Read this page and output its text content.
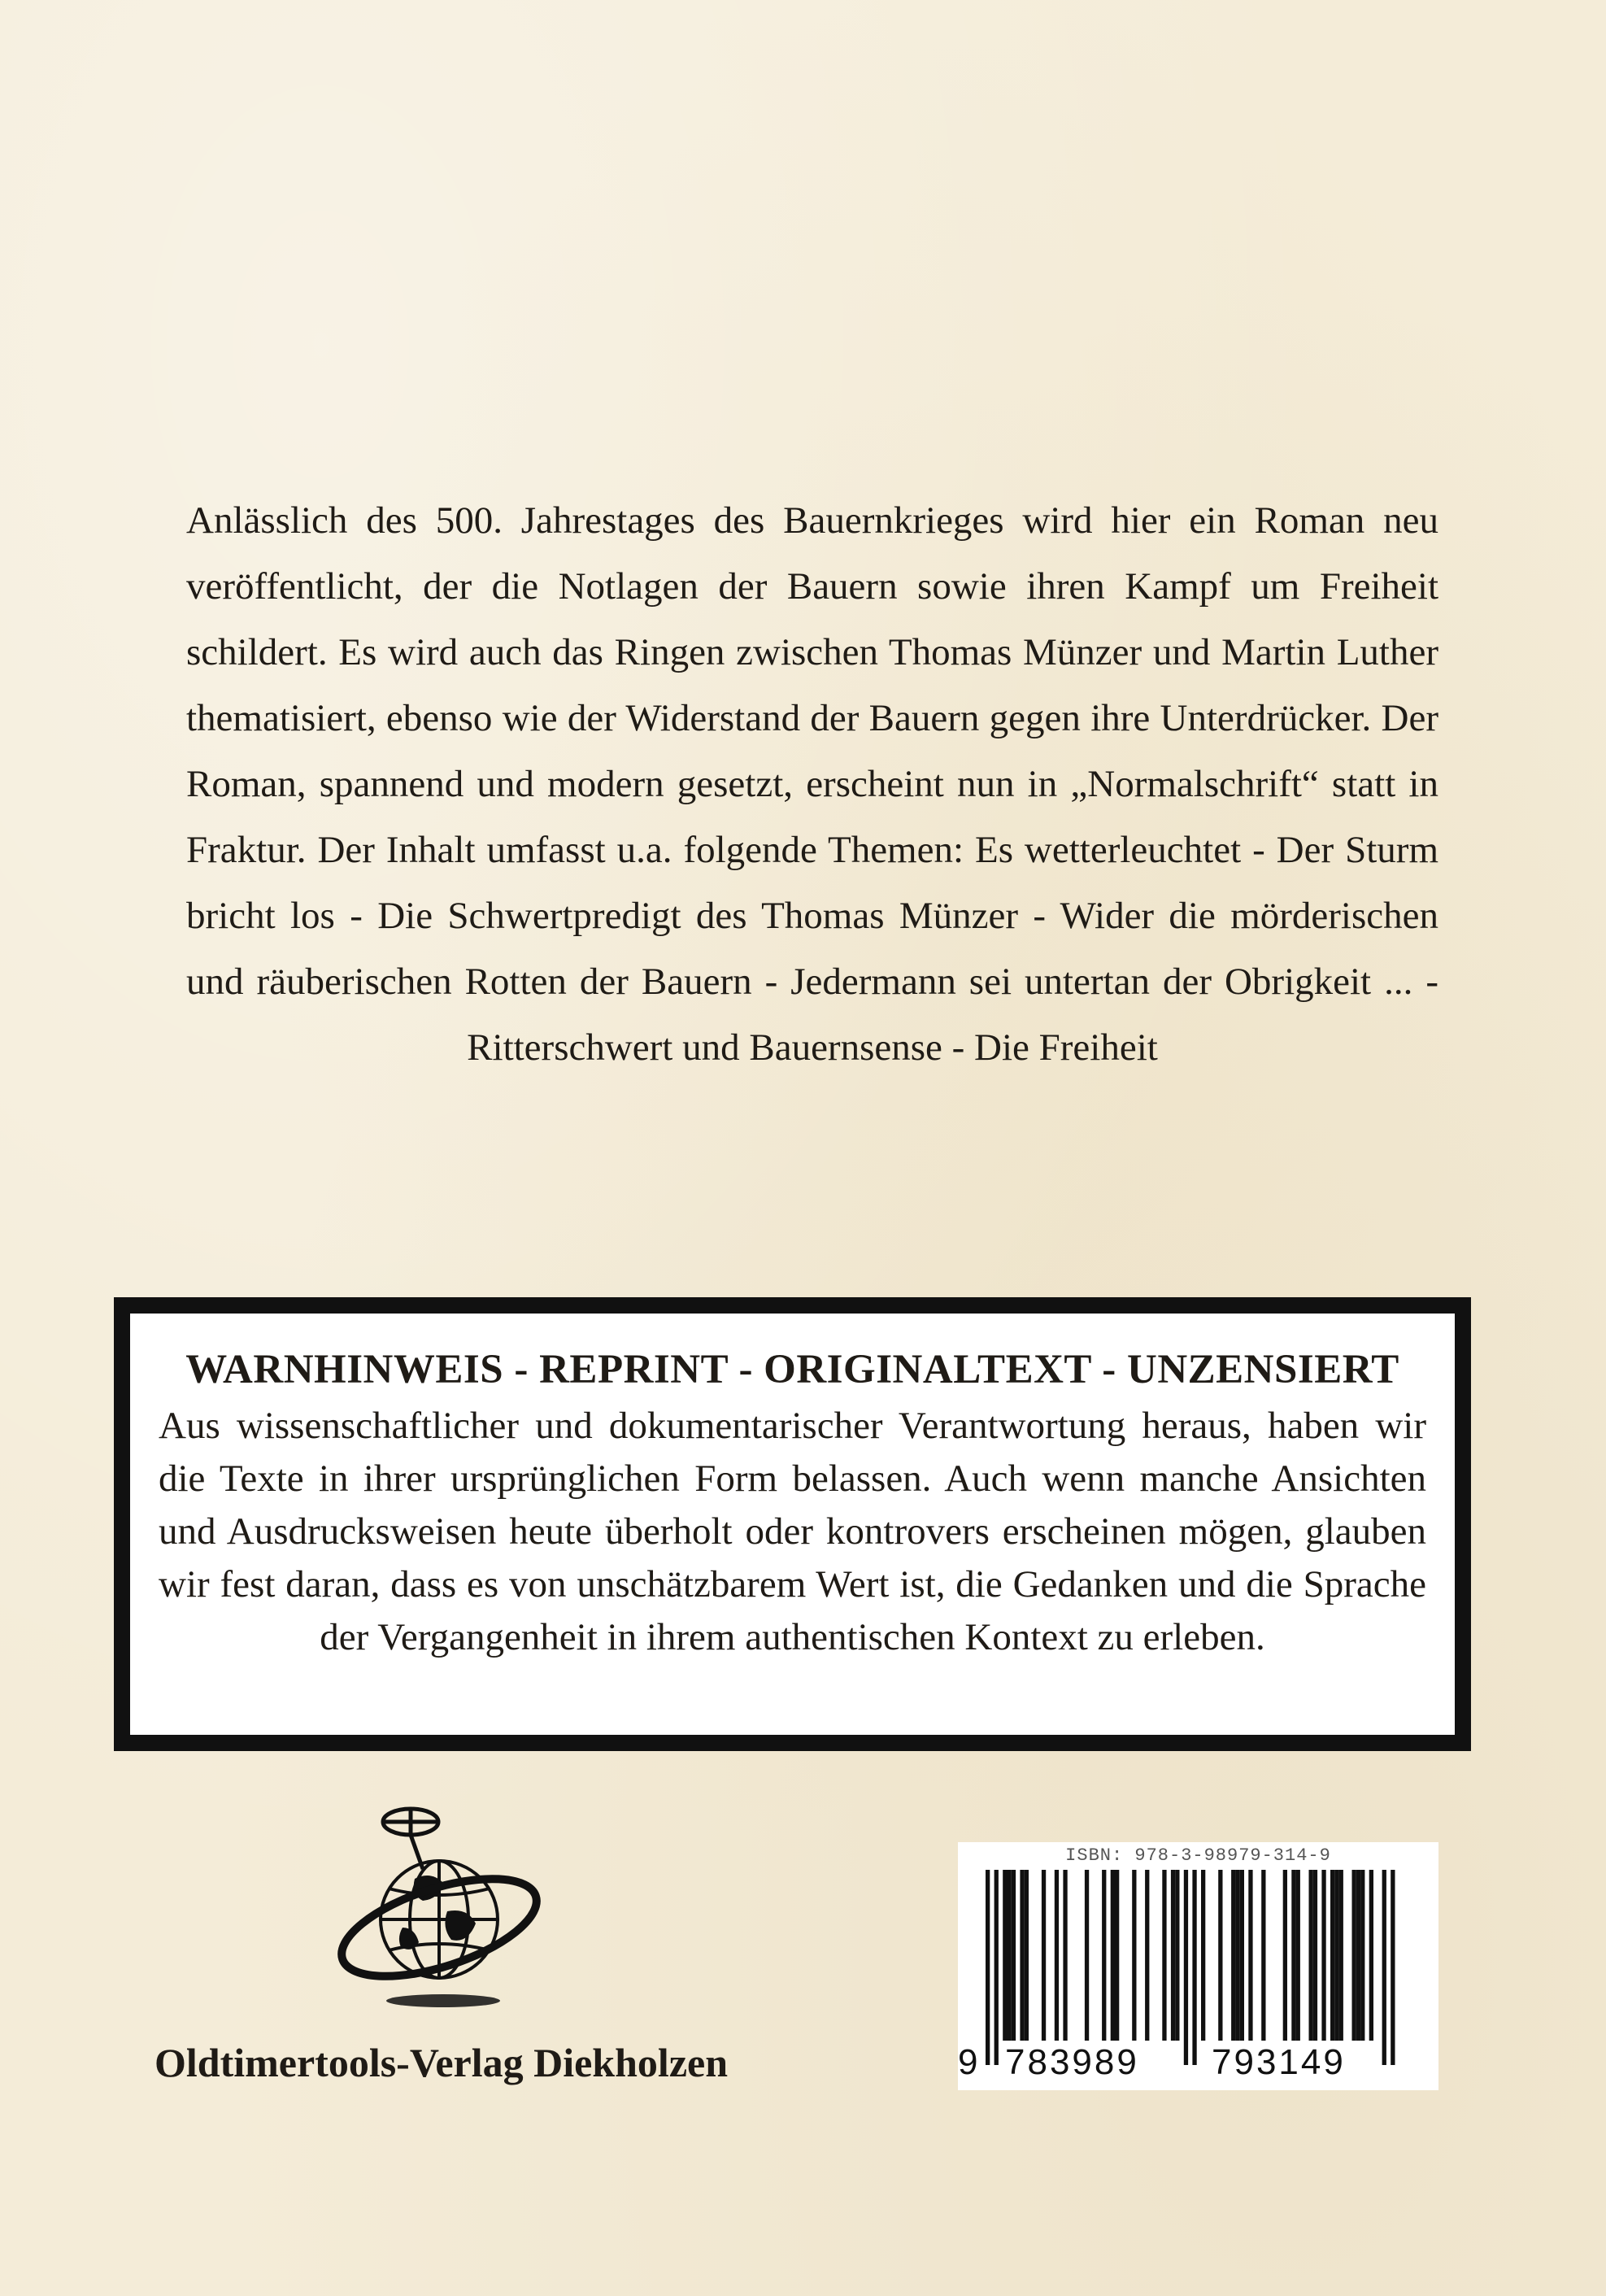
Anlässlich des 500. Jahrestages des Bauernkrieges wird hier ein Roman neu veröffentlicht, der die Notlagen der Bauern sowie ihren Kampf um Freiheit schildert. Es wird auch das Ringen zwischen Thomas Münzer und Martin Luther thematisiert, ebenso wie der Widerstand der Bauern gegen ihre Unterdrücker. Der Roman, spannend und modern gesetzt, erscheint nun in „Normalschrift“ statt in Fraktur. Der Inhalt umfasst u.a. folgende Themen: Es wetterleuchtet - Der Sturm bricht los - Die Schwertpredigt des Thomas Münzer - Wider die mörderischen und räuberischen Rotten der Bauern - Jedermann sei untertan der Obrigkeit ... - Ritterschwert und Bauernsense - Die Freiheit

WARNHINWEIS - REPRINT - ORIGINALTEXT - UNZENSIERT
Aus wissenschaftlicher und dokumentarischer Verantwortung heraus, haben wir die Texte in ihrer ursprünglichen Form belassen. Auch wenn manche Ansichten und Ausdrucksweisen heute überholt oder kontrovers erscheinen mögen, glauben wir fest daran, dass es von unschätzbarem Wert ist, die Gedanken und die Sprache der Vergangenheit in ihrem authentischen Kontext zu erleben.
Oldtimertools-Verlag Diekholzen
ISBN: 978-3-98979-314-9
9 783989 793149
